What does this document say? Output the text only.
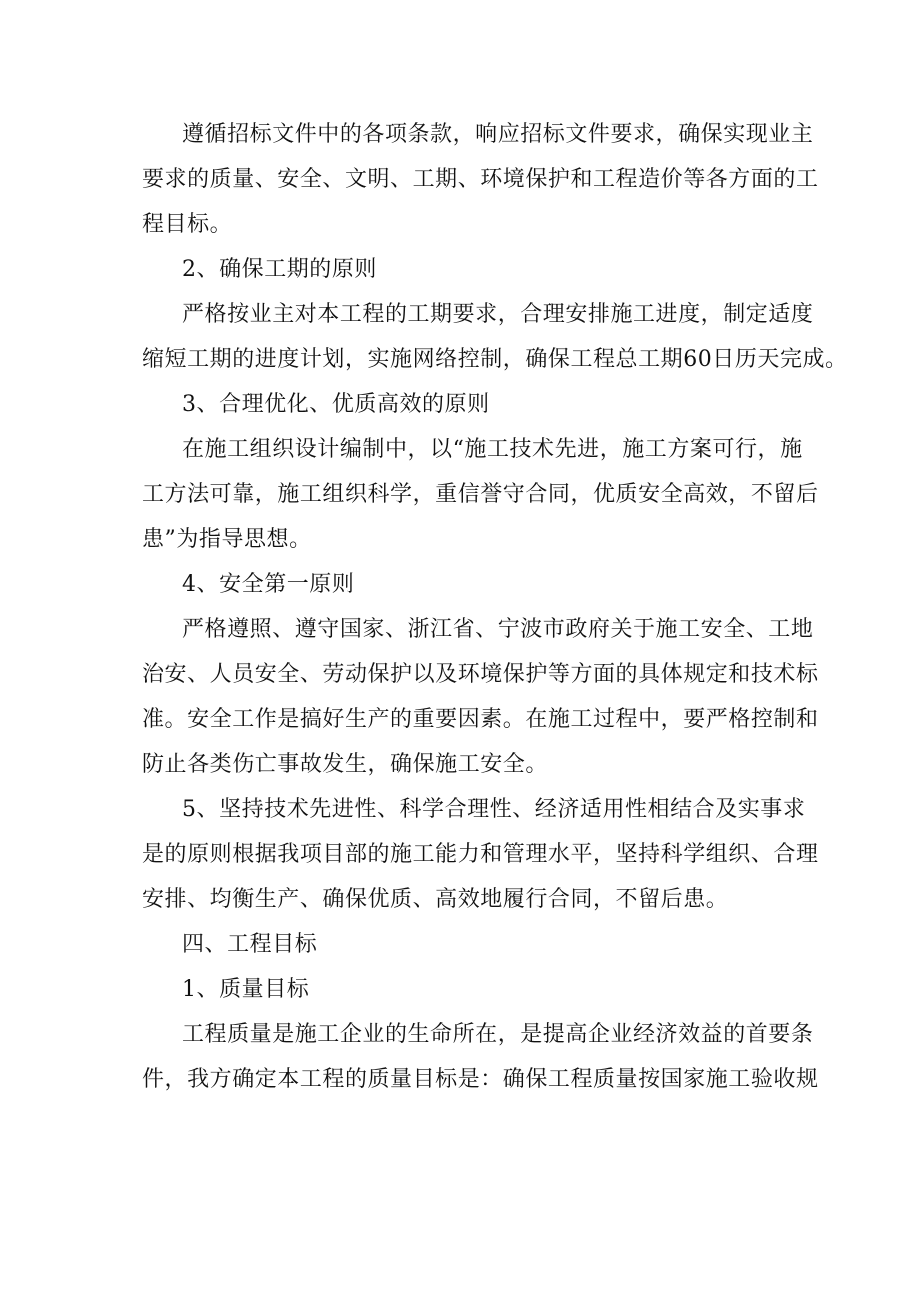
遵循招标文件中的各项条款，响应招标文件要求，确保实现业主
要求的质量、安全、文明、工期、环境保护和工程造价等各方面的工
程目标。
2、确保工期的原则
严格按业主对本工程的工期要求，合理安排施工进度，制定适度
缩短工期的进度计划，实施网络控制，确保工程总工期60日历天完成。
3、合理优化、优质高效的原则
在施工组织设计编制中，以“施工技术先进，施工方案可行，施
工方法可靠，施工组织科学，重信誉守合同，优质安全高效，不留后
患”为指导思想。
4、安全第一原则
严格遵照、遵守国家、浙江省、宁波市政府关于施工安全、工地
治安、人员安全、劳动保护以及环境保护等方面的具体规定和技术标
准。安全工作是搞好生产的重要因素。在施工过程中，要严格控制和
防止各类伤亡事故发生，确保施工安全。
5、坚持技术先进性、科学合理性、经济适用性相结合及实事求
是的原则根据我项目部的施工能力和管理水平，坚持科学组织、合理
安排、均衡生产、确保优质、高效地履行合同，不留后患。
四、工程目标
1、质量目标
工程质量是施工企业的生命所在，是提高企业经济效益的首要条
件，我方确定本工程的质量目标是：确保工程质量按国家施工验收规
